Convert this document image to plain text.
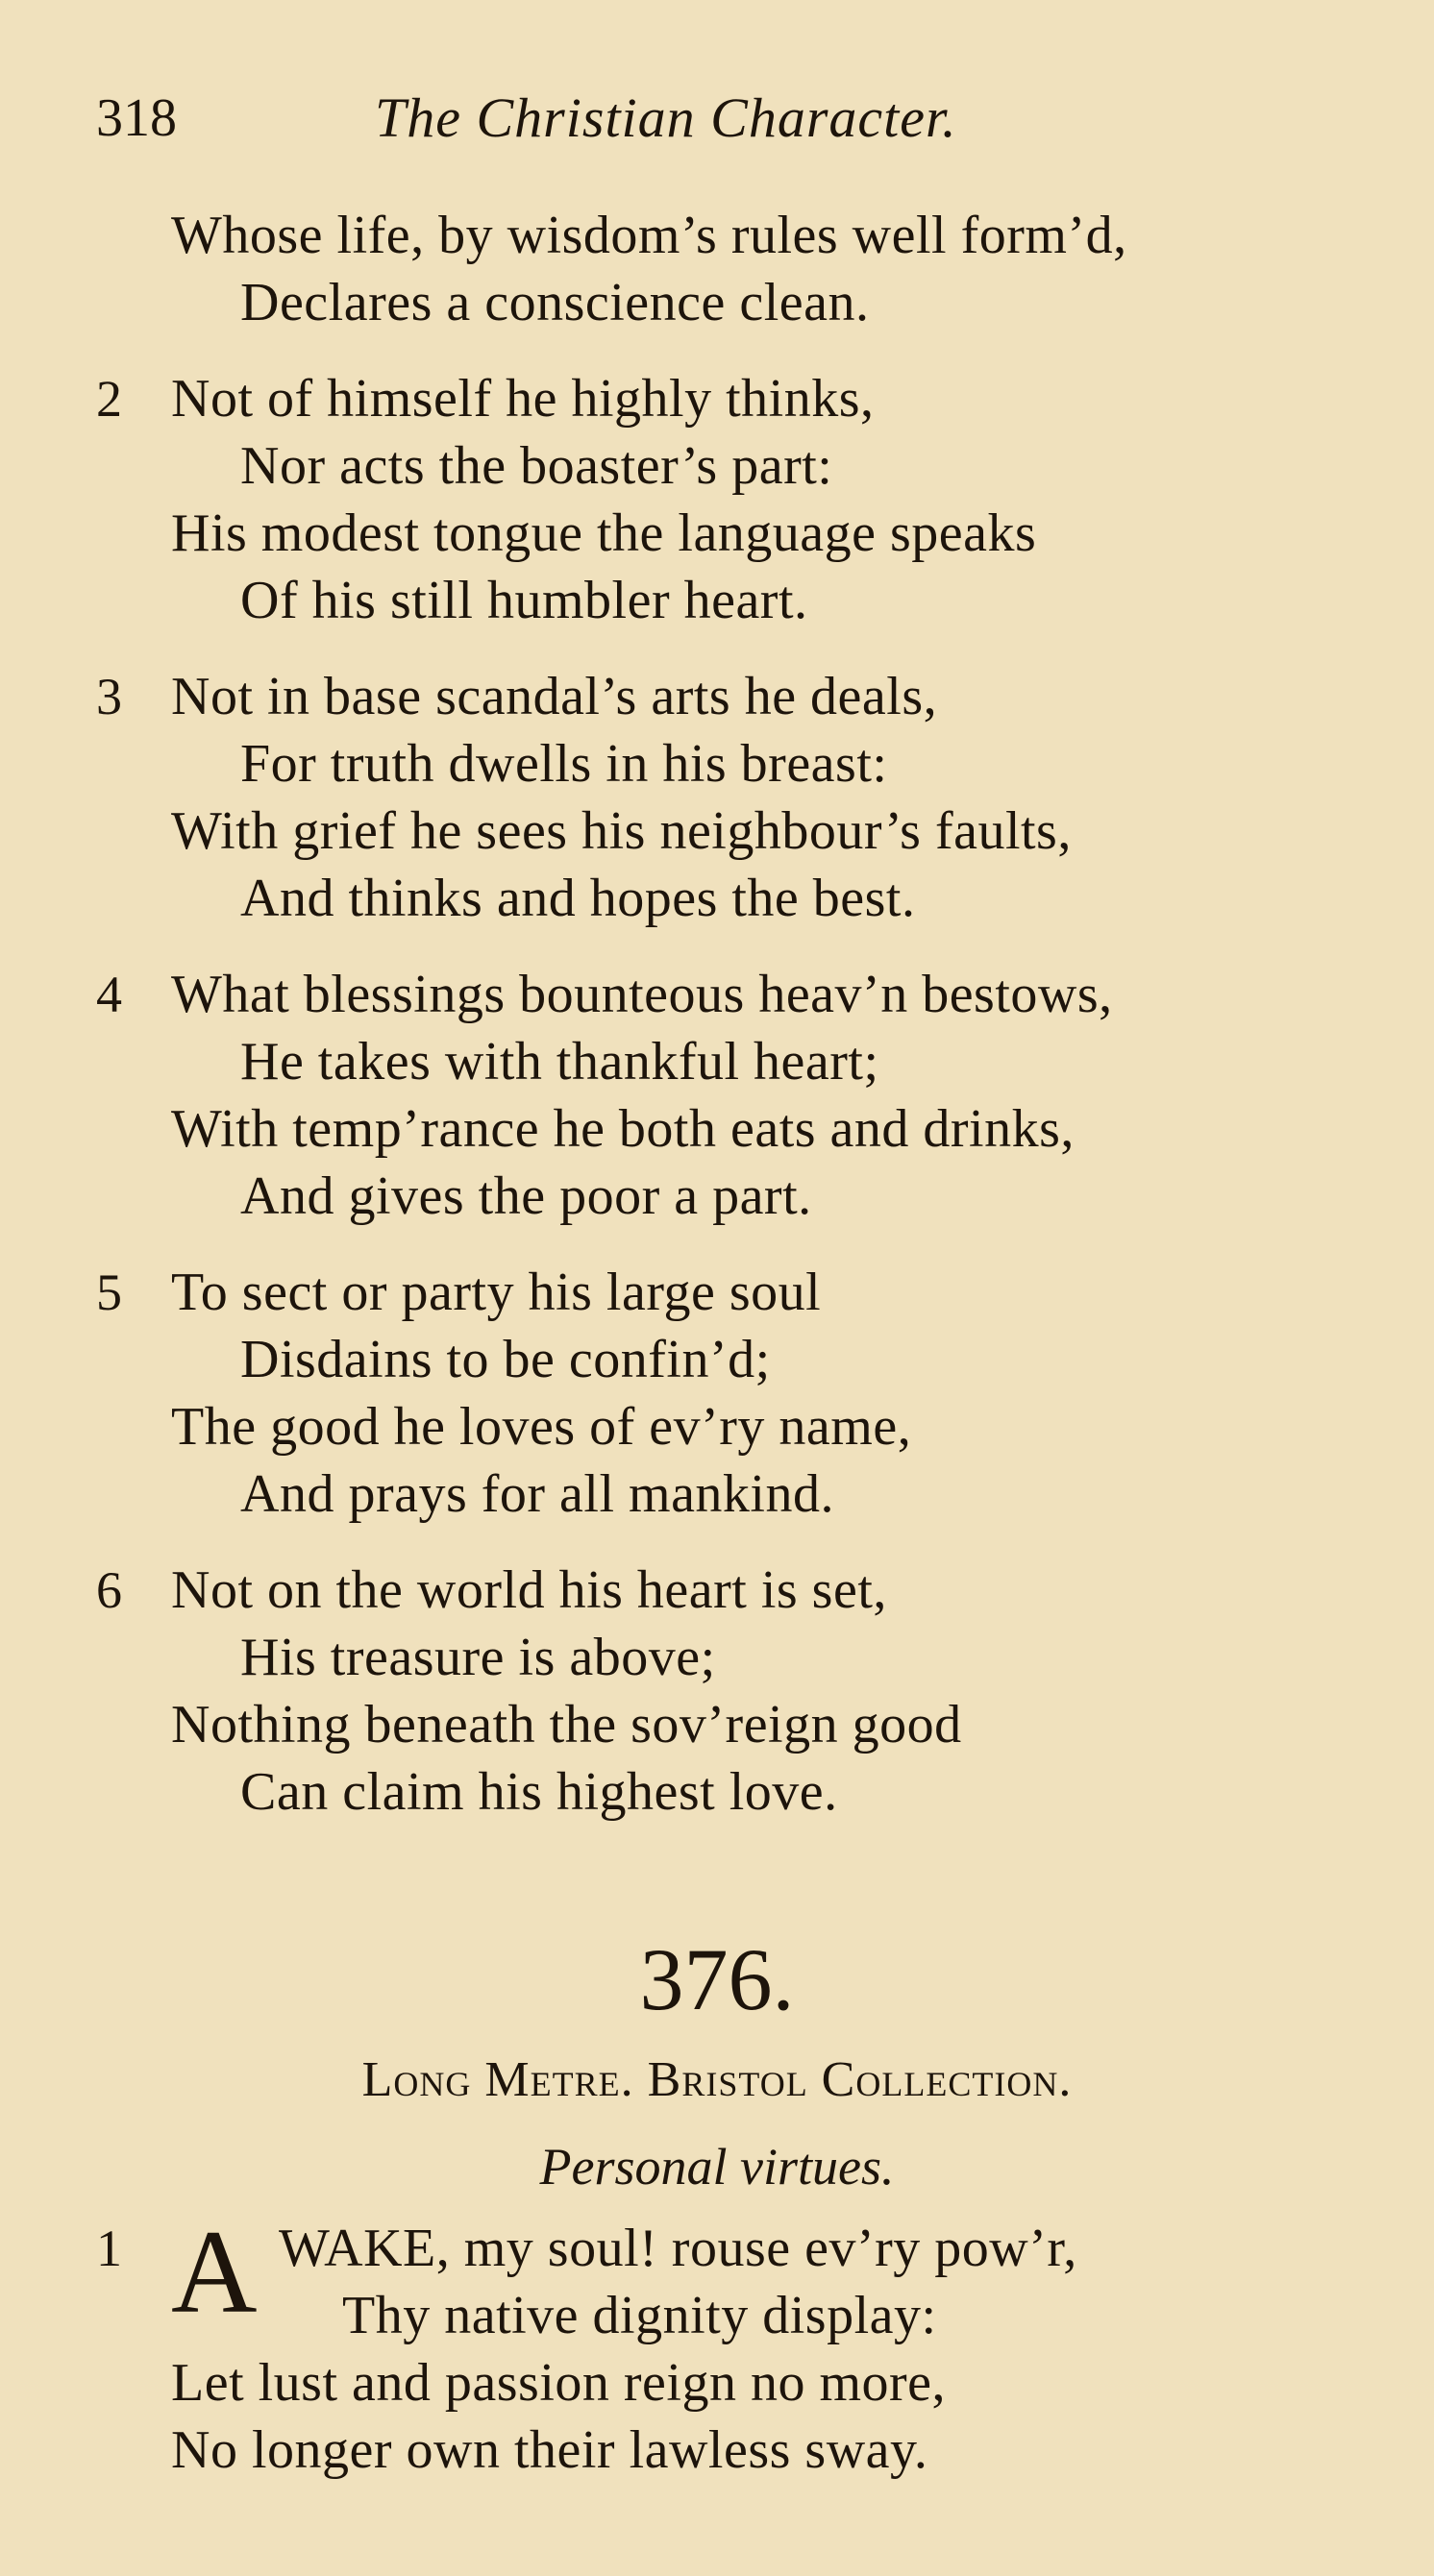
318	The Christian Character.
Whose life, by wisdom’s rules well form’d,
Declares a conscience clean.
2 Not of himself he highly thinks,
Nor acts the boaster’s part:
His modest tongue the language speaks
Of his still humbler heart.
3 Not in base scandal’s arts he deals,
For truth dwells in his breast:
With grief he sees his neighbour’s faults,
And thinks and hopes the best.
4 What blessings bounteous heav’n bestows,
He takes with thankful heart;
With temp’rance he both eats and drinks,
And gives the poor a part.
5 To sect or party his large soul
Disdains to be confin’d;
The good he loves of ev’ry name,
And prays for all mankind.
6 Not on the world his heart is set,
His treasure is above;
Nothing beneath the sov’reign good
Can claim his highest love.
376.
Long Metre. Bristol Collection.
Personal virtues.
1 A WAKE, my soul! rouse ev’ry pow’r,
Thy native dignity display:
Let lust and passion reign no more,
No longer own their lawless sway.
